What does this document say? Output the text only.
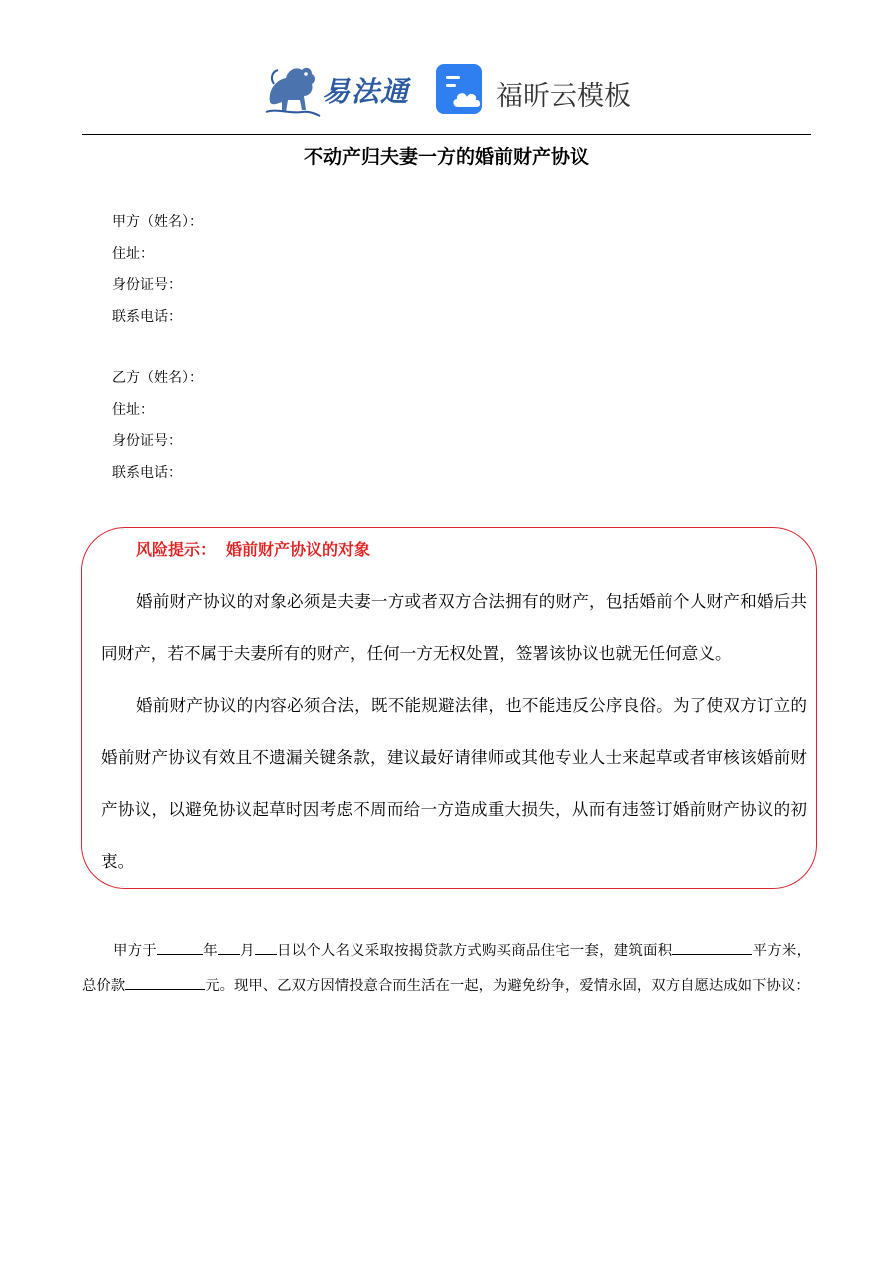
易法通	福昕云模板
不动产归夫妻一方的婚前财产协议
甲方（姓名）：
住址：
身份证号：
联系电话：
乙方（姓名）：
住址：
身份证号：
联系电话：
风险提示： 婚前财产协议的对象

婚前财产协议的对象必须是夫妻一方或者双方合法拥有的财产，包括婚前个人财产和婚后共同财产，若不属于夫妻所有的财产，任何一方无权处置，签署该协议也就无任何意义。

婚前财产协议的内容必须合法，既不能规避法律，也不能违反公序良俗。为了使双方订立的婚前财产协议有效且不遗漏关键条款，建议最好请律师或其他专业人士来起草或者审核该婚前财产协议，以避免协议起草时因考虑不周而给一方造成重大损失，从而有违签订婚前财产协议的初衷。

甲方于	年 月 日以个人名义采取按揭贷款方式购买商品住宅一套，建筑面积	平方米，总价款	元。现甲、乙双方因情投意合而生活在一起，为避免纷争，爱情永固，双方自愿达成如下协议：
